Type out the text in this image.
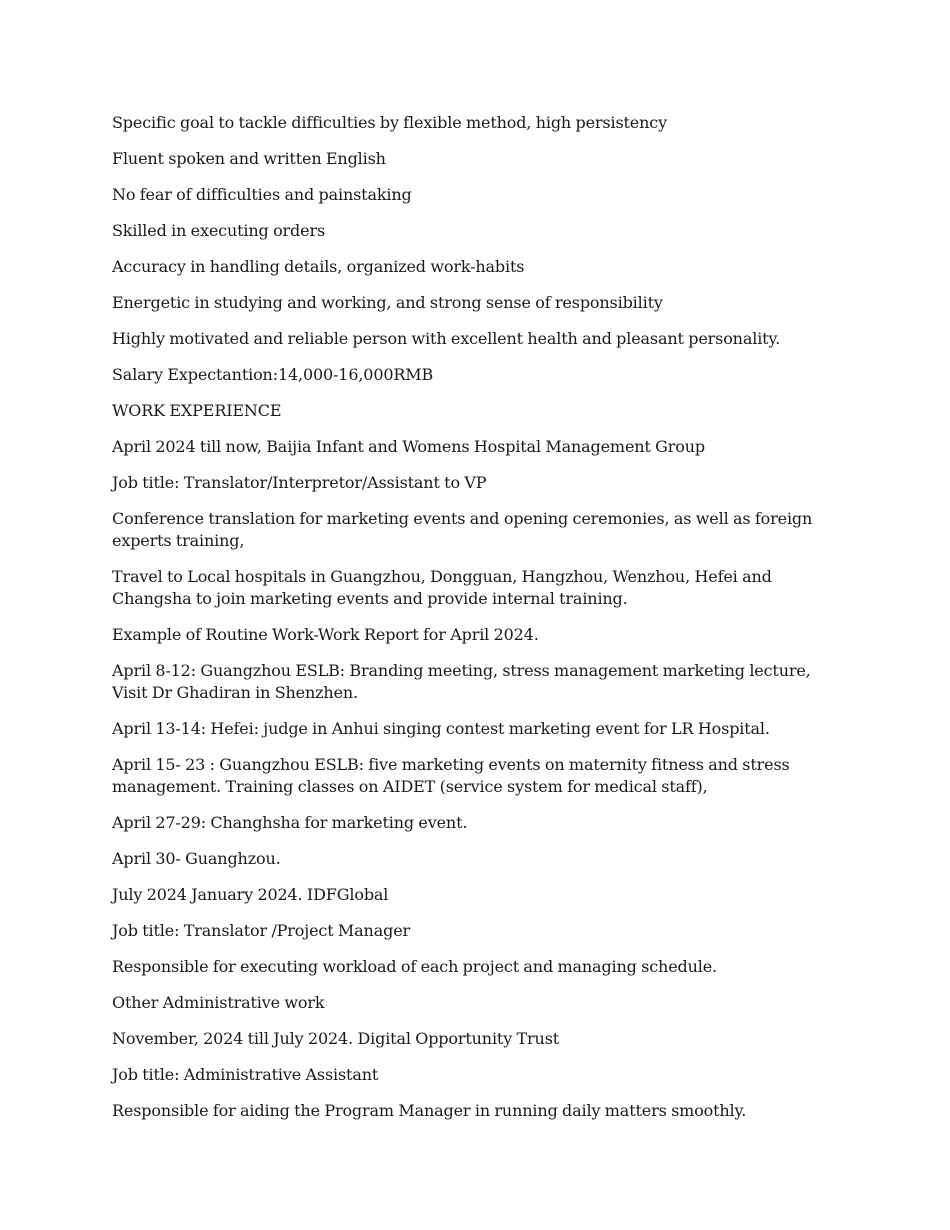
Specific goal to tackle difficulties by flexible method, high persistency

Fluent spoken and written English

No fear of difficulties and painstaking

Skilled in executing orders

Accuracy in handling details, organized work-habits

Energetic in studying and working, and strong sense of responsibility

Highly motivated and reliable person with excellent health and pleasant personality.

Salary Expectantion:14,000-16,000RMB

WORK EXPERIENCE

April 2024 till now, Baijia Infant and Womens Hospital Management Group

Job title: Translator/Interpretor/Assistant to VP

Conference translation for marketing events and opening ceremonies, as well as foreign experts training,

Travel to Local hospitals in Guangzhou, Dongguan, Hangzhou, Wenzhou, Hefei and Changsha to join marketing events and provide internal training.

Example of Routine Work-Work Report for April 2024.

April 8-12: Guangzhou ESLB: Branding meeting, stress management marketing lecture, Visit Dr Ghadiran in Shenzhen.

April 13-14: Hefei: judge in Anhui singing contest marketing event for LR Hospital.

April 15- 23 : Guangzhou ESLB: five marketing events on maternity fitness and stress management. Training classes on AIDET (service system for medical staff),

April 27-29: Changhsha for marketing event.

April 30- Guanghzou.

July 2024 January 2024. IDFGlobal

Job title: Translator /Project Manager

Responsible for executing workload of each project and managing schedule.

Other Administrative work

November, 2024 till July 2024. Digital Opportunity Trust

Job title: Administrative Assistant

Responsible for aiding the Program Manager in running daily matters smoothly.
